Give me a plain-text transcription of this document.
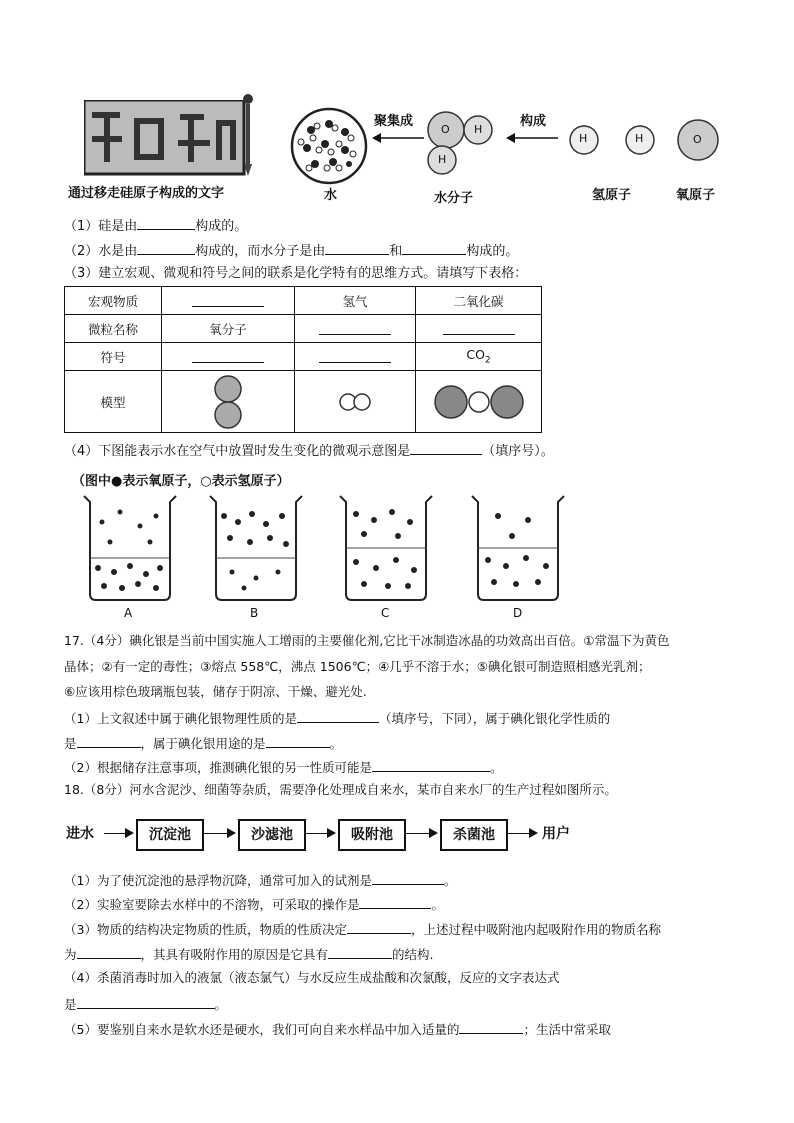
通过移走硅原子构成的文字	水
聚集成
O H
H
水分子
构成
H	H	O
氢原子	氧原子
（1）硅是由	构成的。
（2）水是由	构成的，而水分子是由	和	构成的。
（3）建立宏观、微观和符号之间的联系是化学特有的思维方式。请填写下表格：
宏观物质		氢气	二氧化碳
微粒名称	氧分子		
符号			$CO_2$
模型	

（4）下图能表示水在空气中放置时发生变化的微观示意图是	（填序号）。
（图中●表示氧原子，○表示氢原子）
A	B	C	D
17.（4分）碘化银是当前中国实施人工增雨的主要催化剂,它比干冰制造冰晶的功效高出百倍。①常温下为黄色
晶体；②有一定的毒性；③熔点 558℃，沸点 1506℃；④几乎不溶于水；⑤碘化银可制造照相感光乳剂；
⑥应该用棕色玻璃瓶包装，储存于阴凉、干燥、避光处.
（1）上文叙述中属于碘化银物理性质的是	（填序号，下同），属于碘化银化学性质的
是	，属于碘化银用途的是	。
（2）根据储存注意事项，推测碘化银的另一性质可能是	。
18.（8分）河水含泥沙、细菌等杂质，需要净化处理成自来水，某市自来水厂的生产过程如图所示。
进水	沉淀池	沙滤池	吸附池	杀菌池	用户
（1）为了使沉淀池的悬浮物沉降，通常可加入的试剂是	。
（2）实验室要除去水样中的不溶物，可采取的操作是	。
（3）物质的结构决定物质的性质，物质的性质决定	，上述过程中吸附池内起吸附作用的物质名称
为	，其具有吸附作用的原因是它具有	的结构.
（4）杀菌消毒时加入的液氯（液态氯气）与水反应生成盐酸和次氯酸，反应的文字表达式
是	。
（5）要鉴别自来水是软水还是硬水，我们可向自来水样品中加入适量的	；生活中常采取
